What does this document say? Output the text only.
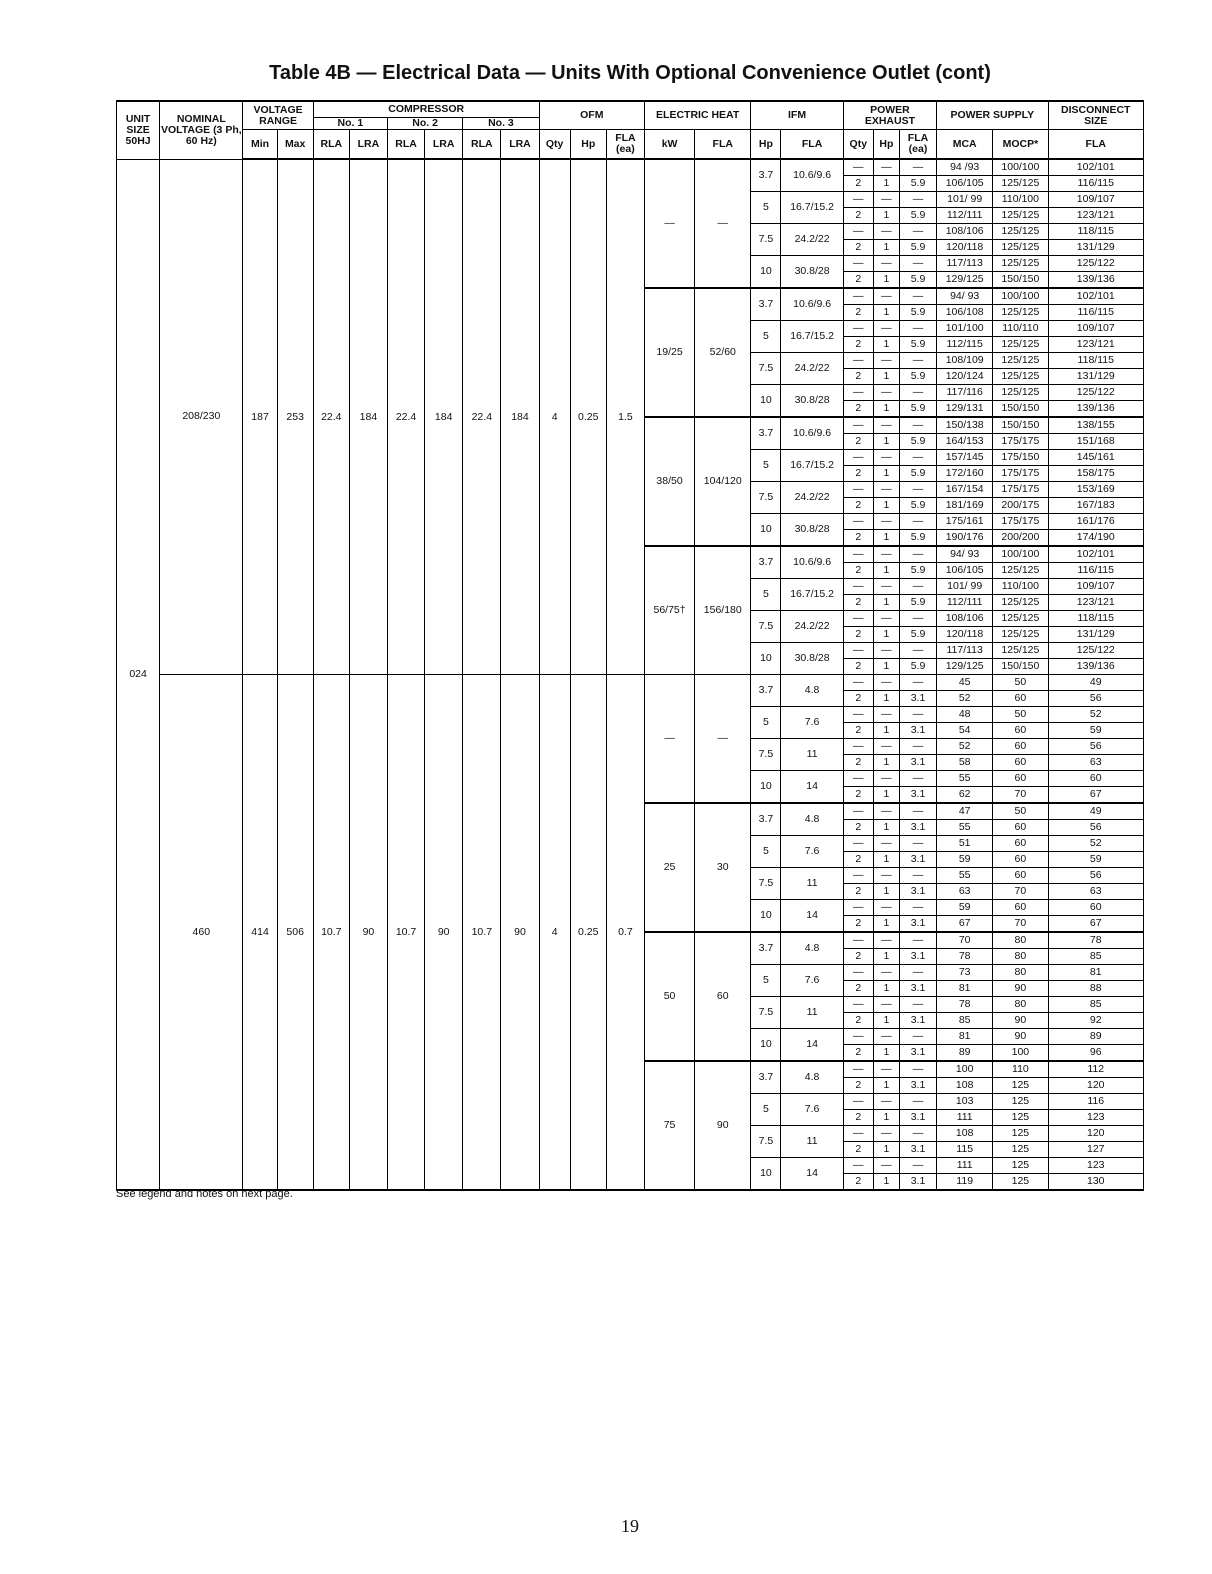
Table 4B — Electrical Data — Units With Optional Convenience Outlet (cont)
UNIT SIZE 50HJ	NOMINAL VOLTAGE (3 Ph, 60 Hz)	VOLTAGE RANGE		COMPRESSOR						OFM			ELECTRIC HEAT		IFM		POWER EXHAUST			POWER SUPPLY		DISCONNECT SIZE
				No. 1		No. 2		No. 3														
		Min	Max	RLA	LRA	RLA	LRA	RLA	LRA	Qty	Hp	FLA (ea)	kW	FLA	Hp	FLA	Qty	Hp	FLA (ea)	MCA	MOCP*	FLA
024	208/230	187	253	22.4	184	22.4	184	22.4	184	4	0.25	1.5	—	—	3.7	10.6/9.6	—	—	—	94 /93	100/100	102/101
																	2	1	5.9	106/105	125/125	116/115
															5	16.7/15.2	—	—	—	101/ 99	110/100	109/107
																	2	1	5.9	112/111	125/125	123/121
															7.5	24.2/22	—	—	—	108/106	125/125	118/115
																	2	1	5.9	120/118	125/125	131/129
															10	30.8/28	—	—	—	117/113	125/125	125/122
																	2	1	5.9	129/125	150/150	139/136
													19/25	52/60	3.7	10.6/9.6	—	—	—	94/ 93	100/100	102/101
																	2	1	5.9	106/108	125/125	116/115
															5	16.7/15.2	—	—	—	101/100	110/110	109/107
																	2	1	5.9	112/115	125/125	123/121
															7.5	24.2/22	—	—	—	108/109	125/125	118/115
																	2	1	5.9	120/124	125/125	131/129
															10	30.8/28	—	—	—	117/116	125/125	125/122
																	2	1	5.9	129/131	150/150	139/136
													38/50	104/120	3.7	10.6/9.6	—	—	—	150/138	150/150	138/155
																	2	1	5.9	164/153	175/175	151/168
															5	16.7/15.2	—	—	—	157/145	175/150	145/161
																	2	1	5.9	172/160	175/175	158/175
															7.5	24.2/22	—	—	—	167/154	175/175	153/169
																	2	1	5.9	181/169	200/175	167/183
															10	30.8/28	—	—	—	175/161	175/175	161/176
																	2	1	5.9	190/176	200/200	174/190
													56/75†	156/180	3.7	10.6/9.6	—	—	—	94/ 93	100/100	102/101
																	2	1	5.9	106/105	125/125	116/115
															5	16.7/15.2	—	—	—	101/ 99	110/100	109/107
																	2	1	5.9	112/111	125/125	123/121
															7.5	24.2/22	—	—	—	108/106	125/125	118/115
																	2	1	5.9	120/118	125/125	131/129
															10	30.8/28	—	—	—	117/113	125/125	125/122
																	2	1	5.9	129/125	150/150	139/136
	460	414	506	10.7	90	10.7	90	10.7	90	4	0.25	0.7	—	—	3.7	4.8	—	—	—	45	50	49
																	2	1	3.1	52	60	56
															5	7.6	—	—	—	48	50	52
																	2	1	3.1	54	60	59
															7.5	11	—	—	—	52	60	56
																	2	1	3.1	58	60	63
															10	14	—	—	—	55	60	60
																	2	1	3.1	62	70	67
													25	30	3.7	4.8	—	—	—	47	50	49
																	2	1	3.1	55	60	56
															5	7.6	—	—	—	51	60	52
																	2	1	3.1	59	60	59
															7.5	11	—	—	—	55	60	56
																	2	1	3.1	63	70	63
															10	14	—	—	—	59	60	60
																	2	1	3.1	67	70	67
													50	60	3.7	4.8	—	—	—	70	80	78
																	2	1	3.1	78	80	85
															5	7.6	—	—	—	73	80	81
																	2	1	3.1	81	90	88
															7.5	11	—	—	—	78	80	85
																	2	1	3.1	85	90	92
															10	14	—	—	—	81	90	89
																	2	1	3.1	89	100	96
													75	90	3.7	4.8	—	—	—	100	110	112
																	2	1	3.1	108	125	120
															5	7.6	—	—	—	103	125	116
																	2	1	3.1	111	125	123
															7.5	11	—	—	—	108	125	120
																	2	1	3.1	115	125	127
															10	14	—	—	—	111	125	123
																	2	1	3.1	119	125	130
See legend and notes on next page.
19
